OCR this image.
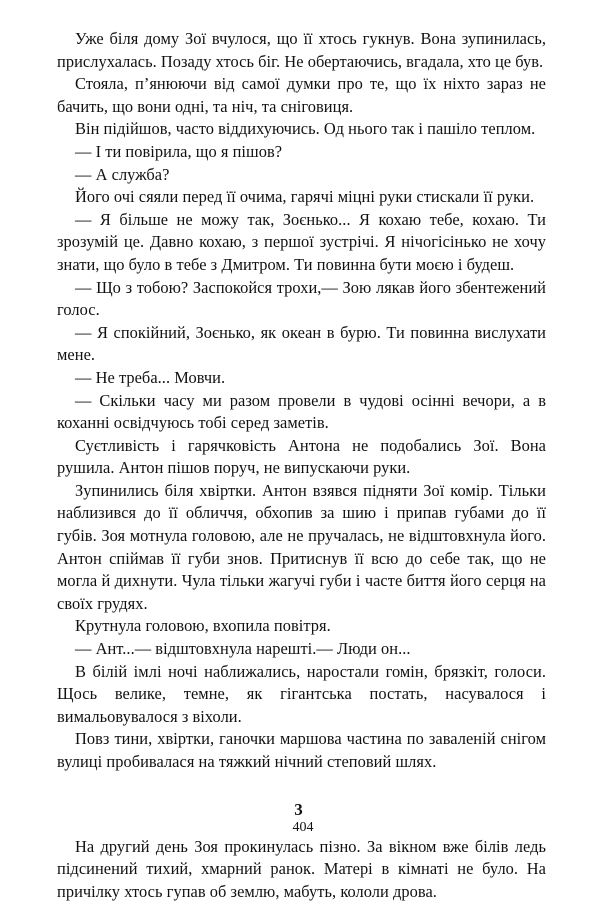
Уже біля дому Зої вчулося, що її хтось гукнув. Вона зупинилась, прислухалась. Позаду хтось біг. Не обертаючись, вгадала, хто це був.

Стояла, п’янюючи від самої думки про те, що їх ніхто зараз не бачить, що вони одні, та ніч, та сніговиця.

Він підійшов, часто віддихуючись. Од нього так і пашіло теплом.

— І ти повірила, що я пішов?

— А служба?

Його очі сяяли перед її очима, гарячі міцні руки стискали її руки.

— Я більше не можу так, Зоєнько... Я кохаю тебе, кохаю. Ти зрозумій це. Давно кохаю, з першої зустрічі. Я нічогісінько не хочу знати, що було в тебе з Дмитром. Ти повинна бути моєю і будеш.

— Що з тобою? Заспокойся трохи,— Зою лякав його збентежений голос.

— Я спокійний, Зоєнько, як океан в бурю. Ти повинна вислухати мене.

— Не треба... Мовчи.

— Скільки часу ми разом провели в чудові осінні вечори, а в коханні освідчуюсь тобі серед заметів.

Суєтливість і гарячковість Антона не подобались Зої. Вона рушила. Антон пішов поруч, не випускаючи руки.

Зупинились біля хвіртки. Антон взявся підняти Зої комір. Тільки наблизився до її обличчя, обхопив за шию і припав губами до її губів. Зоя мотнула головою, але не пручалась, не відштовхнула його. Антон спіймав її губи знов. Притиснув її всю до себе так, що не могла й дихнути. Чула тільки жагучі губи і часте биття його серця на своїх грудях.

Крутнула головою, вхопила повітря.

— Ант...— відштовхнула нарешті.— Люди он...

В білій імлі ночі наближались, наростали гомін, брязкіт, голоси. Щось велике, темне, як гігантська постать, насувалося і вимальовувалося з віхоли.

Повз тини, хвіртки, ганочки маршова частина по заваленій снігом вулиці пробивалася на тяжкий нічний степовий шлях.

3

На другий день Зоя прокинулась пізно. За вікном вже білів ледь підсинений тихий, хмарний ранок. Матері в кімнаті не було. На причілку хтось гупав об землю, мабуть, кололи дрова.

404
